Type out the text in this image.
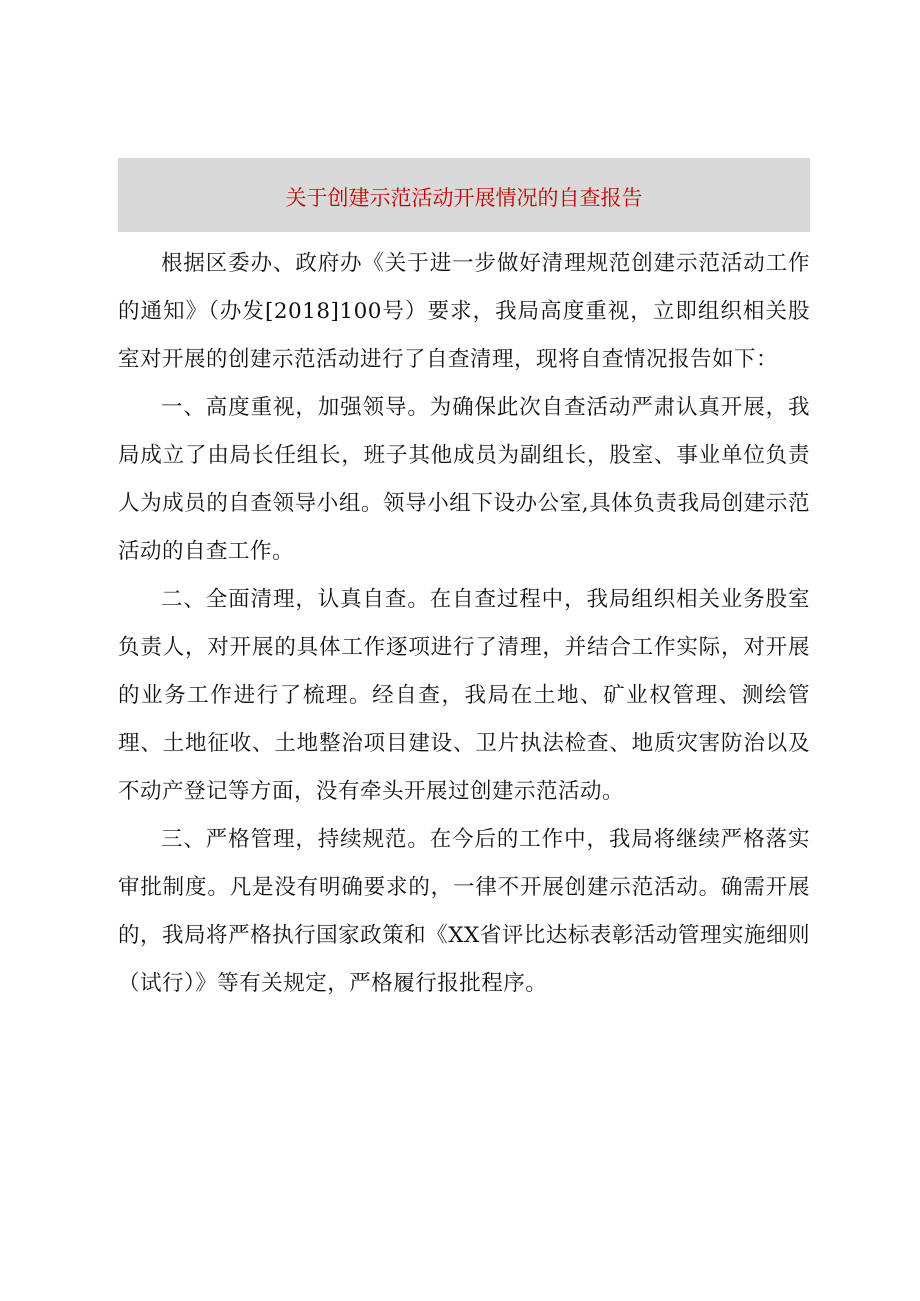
关于创建示范活动开展情况的自查报告

根据区委办、政府办《关于进一步做好清理规范创建示范活动工作的通知》（办发[2018]100号）要求，我局高度重视，立即组织相关股室对开展的创建示范活动进行了自查清理，现将自查情况报告如下：

一、高度重视，加强领导。为确保此次自查活动严肃认真开展，我局成立了由局长任组长，班子其他成员为副组长，股室、事业单位负责人为成员的自查领导小组。领导小组下设办公室,具体负责我局创建示范活动的自查工作。

二、全面清理，认真自查。在自查过程中，我局组织相关业务股室负责人，对开展的具体工作逐项进行了清理，并结合工作实际，对开展的业务工作进行了梳理。经自查，我局在土地、矿业权管理、测绘管理、土地征收、土地整治项目建设、卫片执法检查、地质灾害防治以及不动产登记等方面，没有牵头开展过创建示范活动。

三、严格管理，持续规范。在今后的工作中，我局将继续严格落实审批制度。凡是没有明确要求的，一律不开展创建示范活动。确需开展的，我局将严格执行国家政策和《XX省评比达标表彰活动管理实施细则（试行）》等有关规定，严格履行报批程序。
